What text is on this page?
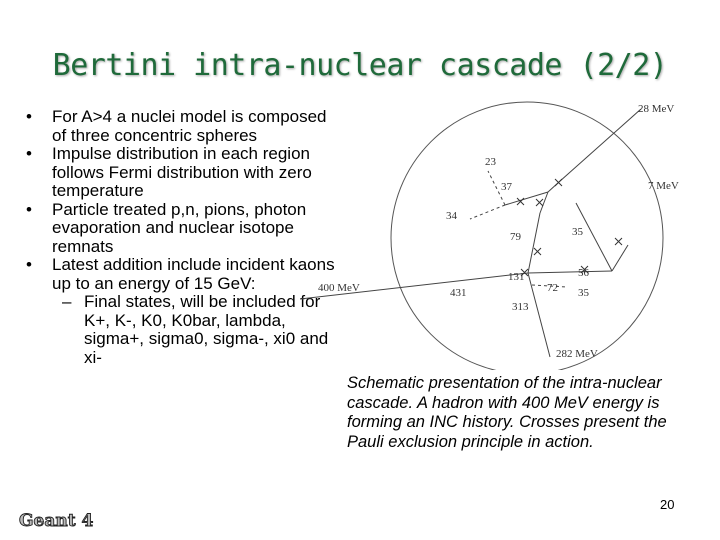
Bertini intra-nuclear cascade (2/2)

• For A>4 a nuclei model is composed of three concentric spheres

• Impulse distribution in each region follows Fermi distribution with zero temperature

• Particle treated p,n, pions, photon evaporation and nuclear isotope remnats

• Latest addition include incident kaons up to an energy of 15 GeV:

– Final states, will be included for K+, K-, K0, K0bar, lambda, sigma+, sigma0, sigma-, xi0 and xi-

28 MeV
7 MeV
400 MeV
282 MeV
23
37
34
79	35
131
72
56
35
431
313
Schematic presentation of the intra-nuclear cascade. A hadron with 400 MeV energy is forming an INC history. Crosses present the Pauli exclusion principle in action.
20
Geant 4
